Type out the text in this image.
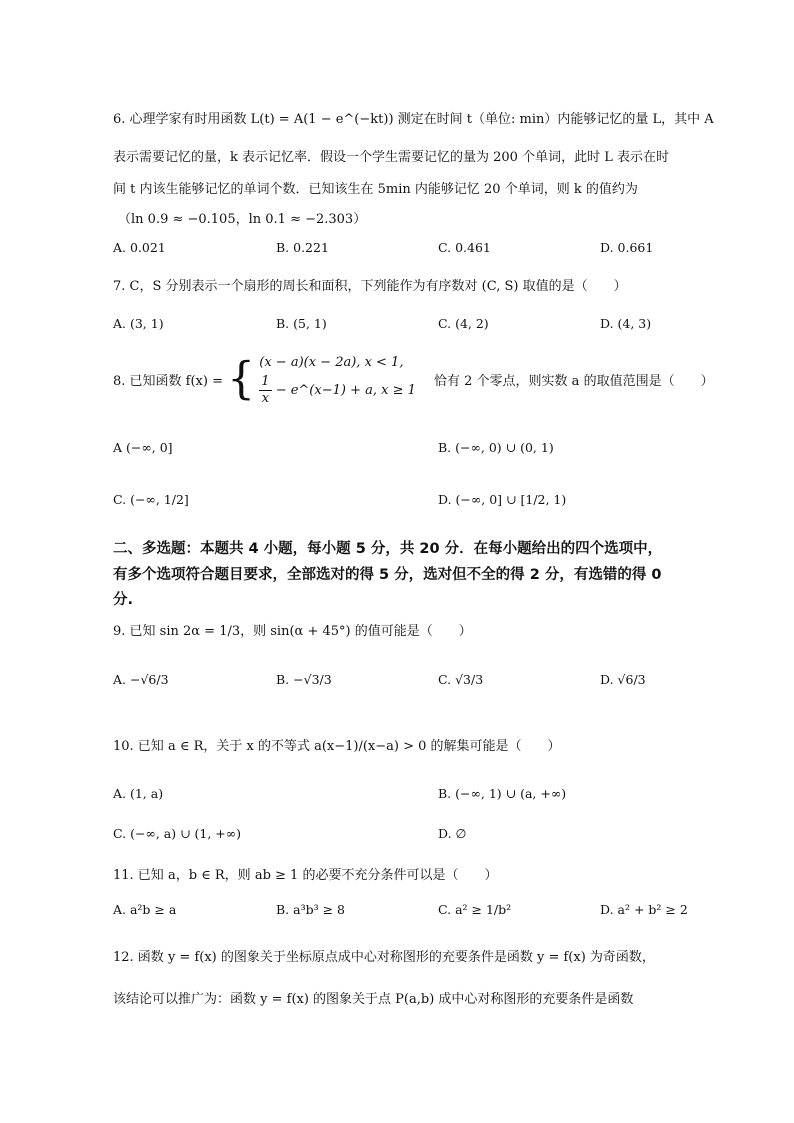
6. 心理学家有时用函数 L(t) = A(1 − e^(−kt)) 测定在时间 t（单位: min）内能够记忆的量 L，其中 A
表示需要记忆的量，k 表示记忆率．假设一个学生需要记忆的量为 200 个单词，此时 L 表示在时
间 t 内该生能够记忆的单词个数．已知该生在 5min 内能够记忆 20 个单词，则 k 的值约为
（ln 0.9 ≈ −0.105，ln 0.1 ≈ −2.303）
A. 0.021	B. 0.221	C. 0.461	D. 0.661
7. C，S 分别表示一个扇形的周长和面积，下列能作为有序数对 (C, S) 取值的是（　　）
A. (3, 1)	B. (5, 1)	C. (4, 2)	D. (4, 3)
8. 已知函数 f(x) = { (x − a)(x − 2a), x < 1,
$\frac{1}{x}$ − e^(x−1) + a, x ≥ 1
恰有 2 个零点，则实数 a 的取值范围是（　　）
A (−∞, 0]	B. (−∞, 0) ∪ (0, 1)
C. (−∞, 1/2]	D. (−∞, 0] ∪ [1/2, 1)
二、多选题：本题共 4 小题，每小题 5 分，共 20 分．在每小题给出的四个选项中，
有多个选项符合题目要求，全部选对的得 5 分，选对但不全的得 2 分，有选错的得 0
分.
9. 已知 sin 2α = 1/3，则 sin(α + 45°) 的值可能是（　　）
A. −√6/3	B. −√3/3	C. √3/3	D. √6/3
10. 已知 a ∈ R，关于 x 的不等式 a(x−1)/(x−a) > 0 的解集可能是（　　）
A. (1, a)	B. (−∞, 1) ∪ (a, +∞)
C. (−∞, a) ∪ (1, +∞)	D. ∅
11. 已知 a，b ∈ R，则 ab ≥ 1 的必要不充分条件可以是（　　）
A. a²b ≥ a	B. a³b³ ≥ 8	C. a² ≥ 1/b²	D. a² + b² ≥ 2
12. 函数 y = f(x) 的图象关于坐标原点成中心对称图形的充要条件是函数 y = f(x) 为奇函数，
该结论可以推广为：函数 y = f(x) 的图象关于点 P(a,b) 成中心对称图形的充要条件是函数
